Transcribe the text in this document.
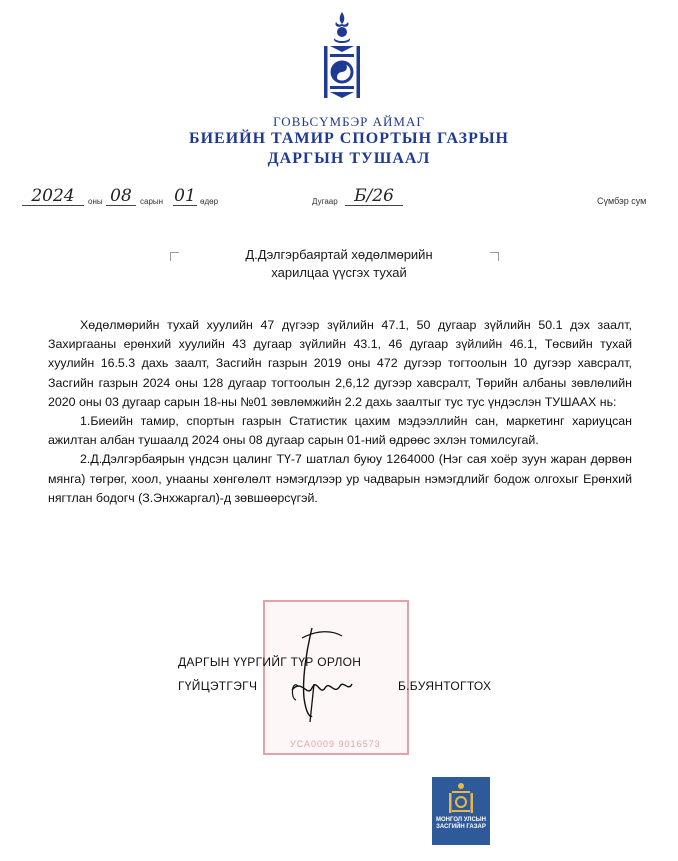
ГОВЬСҮМБЭР АЙМАГ
БИЕИЙН ТАМИР СПОРТЫН ГАЗРЫН
ДАРГЫН ТУШААЛ
2024	оны 08	сарын 01 өдөр	Дугаар Б/26	Сүмбэр сум
Д.Дэлгэрбаяртай хөдөлмөрийн
харилцаа үүсгэх тухай

Хөдөлмөрийн тухай хуулийн 47 дүгээр зүйлийн 47.1, 50 дугаар зүйлийн 50.1 дэх заалт, Захиргааны ерөнхий хуулийн 43 дугаар зүйлийн 43.1, 46 дугаар зүйлийн 46.1, Төсвийн тухай хуулийн 16.5.3 дахь заалт, Засгийн газрын 2019 оны 472 дугээр тогтоолын 10 дугээр хавсралт, Засгийн газрын 2024 оны 128 дугаар тогтоолын 2,6,12 дугээр хавсралт, Төрийн албаны зөвлөлийн 2020 оны 03 дугаар сарын 18-ны №01 зөвлөмжийн 2.2 дахь заалтыг тус тус үндэслэн ТУШААХ нь:

1.Биеийн тамир, спортын газрын Статистик цахим мэдээллийн сан, маркетинг хариуцсан ажилтан албан тушаалд 2024 оны 08 дугаар сарын 01-ний өдрөөс эхлэн томилсугай.

2.Д.Дэлгэрбаярын үндсэн цалинг ТҮ-7 шатлал буюу 1264000 (Нэг сая хоёр зуун жаран дөрвөн мянга) төгрөг, хоол, унааны хөнгөлөлт нэмэгдлээр ур чадварын нэмэгдлийг бодож олгохыг Ерөнхий нягтлан бодогч (З.Энхжаргал)-д зөвшөөрсүгэй.

УСА0009 9016573
ДАРГЫН ҮҮРГИЙГ ТҮР ОРЛОН
ГҮЙЦЭТГЭГЧ	Б.БУЯНТОГТОХ
МОНГОЛ УЛСЫН
ЗАСГИЙН ГАЗАР
